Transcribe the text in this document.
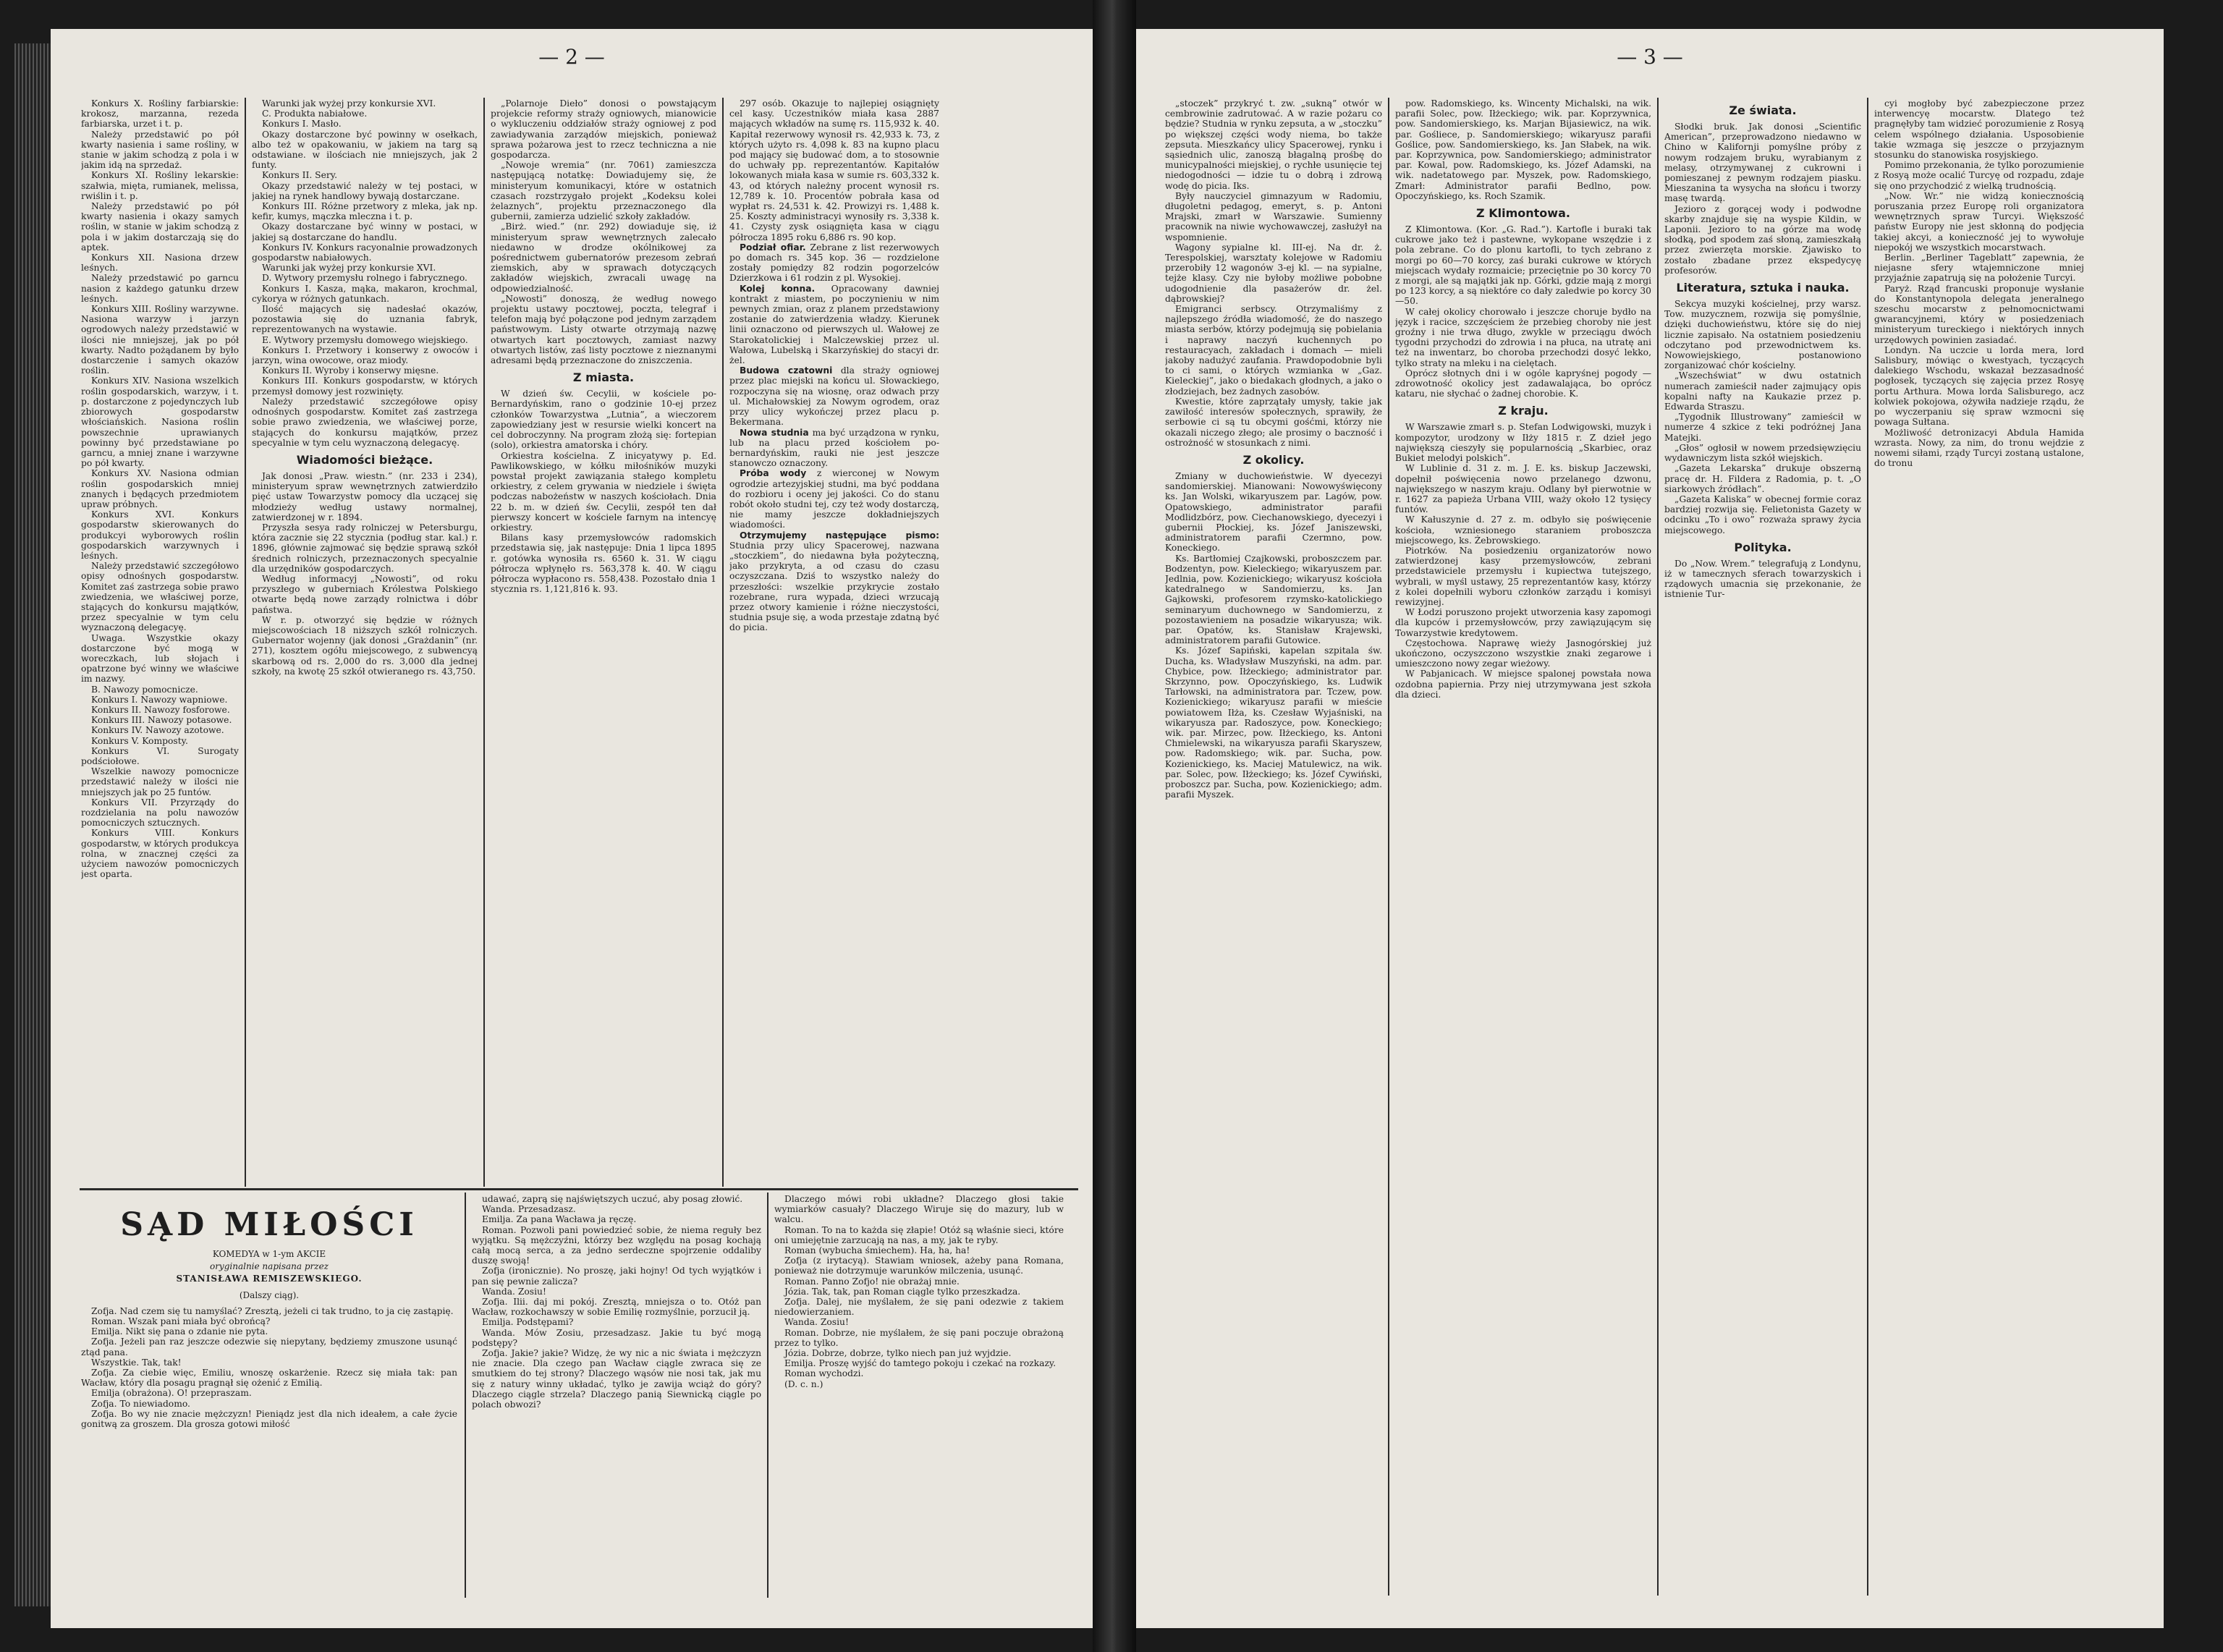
— 2 —

Konkurs X. Rośliny farbiarskie: krokosz, marzanna, rezeda farbiarska, urzet i t. p.

Należy przedstawić po pół kwarty nasienia i same rośliny, w stanie w jakim schodzą z pola i w jakim idą na sprzedaż.

Konkurs XI. Rośliny lekarskie: szałwia, mięta, rumianek, melissa, rwiślin i t. p.

Należy przedstawić po pół kwarty nasienia i okazy samych roślin, w stanie w jakim schodzą z pola i w jakim dostarczają się do aptek.

Konkurs XII. Nasiona drzew leśnych.

Należy przedstawić po garncu nasion z każdego gatunku drzew leśnych.

Konkurs XIII. Rośliny warzywne. Nasiona warzyw i jarzyn ogrodowych należy przedstawić w ilości nie mniejszej, jak po pół kwarty. Nadto pożądanem by było dostarczenie i samych okazów roślin.

Konkurs XIV. Nasiona wszelkich roślin gospodarskich, warzyw, i t. p. dostarczone z pojedynczych lub zbiorowych gospodarstw włościańskich. Nasiona roślin powszechnie uprawianych powinny być przedstawiane po garncu, a mniej znane i warzywne po pół kwarty.

Konkurs XV. Nasiona odmian roślin gospodarskich mniej znanych i będących przedmiotem upraw próbnych.

Konkurs XVI. Konkurs gospodarstw skierowanych do produkcyi wyborowych roślin gospodarskich warzywnych i leśnych.

Należy przedstawić szczegółowo opisy odnośnych gospodarstw. Komitet zaś zastrzega sobie prawo zwiedzenia, we właściwej porze, stających do konkursu majątków, przez specyalnie w tym celu wyznaczoną delegacyę.

Uwaga. Wszystkie okazy dostarczone być mogą w woreczkach, lub słojach i opatrzone być winny we właściwe im nazwy.

B. Nawozy pomocnicze.

Konkurs I. Nawozy wapniowe.

Konkurs II. Nawozy fosforowe.

Konkurs III. Nawozy potasowe.

Konkurs IV. Nawozy azotowe.

Konkurs V. Komposty.

Konkurs VI. Surogaty podściołowe.

Wszelkie nawozy pomocnicze przedstawić należy w ilości nie mniejszych jak po 25 funtów.

Konkurs VII. Przyrządy do rozdzielania na polu nawozów pomocniczych sztucznych.

Konkurs VIII. Konkurs gospodarstw, w których produkcya rolna, w znacznej części za użyciem nawozów pomocniczych jest oparta.

Warunki jak wyżej przy konkursie XVI.

C. Produkta nabiałowe.

Konkurs I. Masło.

Okazy dostarczone być powinny w osełkach, albo też w opakowaniu, w jakiem na targ są odstawiane. w ilościach nie mniejszych, jak 2 funty.

Konkurs II. Sery.

Okazy przedstawić należy w tej postaci, w jakiej na rynek handlowy bywają dostarczane.

Konkurs III. Różne przetwory z mleka, jak np. kefir, kumys, mączka mleczna i t. p.

Okazy dostarczane być winny w postaci, w jakiej są dostarczane do handlu.

Konkurs IV. Konkurs racyonalnie prowadzonych gospodarstw nabiałowych.

Warunki jak wyżej przy konkursie XVI.

D. Wytwory przemysłu rolnego i fabrycznego.

Konkurs I. Kasza, mąka, makaron, krochmal, cykorya w różnych gatunkach.

Ilość mających się nadesłać okazów, pozostawia się do uznania fabryk, reprezentowanych na wystawie.

E. Wytwory przemysłu domowego wiejskiego.

Konkurs I. Przetwory i konserwy z owoców i jarzyn, wina owocowe, oraz miody.

Konkurs II. Wyroby i konserwy mięsne.

Konkurs III. Konkurs gospodarstw, w których przemysł domowy jest rozwinięty.

Należy przedstawić szczegółowe opisy odnośnych gospodarstw. Komitet zaś zastrzega sobie prawo zwiedzenia, we właściwej porze, stających do konkursu majątków, przez specyalnie w tym celu wyznaczoną delegacyę.

Wiadomości bieżące.

Jak donosi „Praw. wiestn.” (nr. 233 i 234), ministeryum spraw wewnętrznych zatwierdziło pięć ustaw Towarzystw pomocy dla uczącej się młodzieży według ustawy normalnej, zatwierdzonej w r. 1894.

Przyszła sesya rady rolniczej w Petersburgu, która zacznie się 22 stycznia (podług star. kal.) r. 1896, głównie zajmować się będzie sprawą szkół średnich rolniczych, przeznaczonych specyalnie dla urzędników gospodarczych.

Według informacyj „Nowosti”, od roku przyszłego w guberniach Królestwa Polskiego otwarte będą nowe zarządy rolnictwa i dóbr państwa.

W r. p. otworzyć się będzie w różnych miejscowościach 18 niższych szkół rolniczych. Gubernator wojenny (jak donosi „Grażdanin” (nr. 271), kosztem ogółu miejscowego, z subwencyą skarbową od rs. 2,000 do rs. 3,000 dla jednej szkoły, na kwotę 25 szkół otwieranego rs. 43,750.

„Polarnoje Dieło” donosi o powstającym projekcie reformy straży ogniowych, mianowicie o wykluczeniu oddziałów straży ogniowej z pod zawiadywania zarządów miejskich, ponieważ sprawa pożarowa jest to rzecz techniczna a nie gospodarcza.

„Nowoje wremia” (nr. 7061) zamieszcza następującą notatkę: Dowiadujemy się, że ministeryum komunikacyi, które w ostatnich czasach rozstrzygało projekt „Kodeksu kolei żelaznych”, projektu przeznaczonego dla gubernii, zamierza udzielić szkoły zakładów.

„Birż. wied.” (nr. 292) dowiaduje się, iż ministeryum spraw wewnętrznych zalecało niedawno w drodze okólnikowej za pośrednictwem gubernatorów prezesom zebrań ziemskich, aby w sprawach dotyczących zakładów wiejskich, zwracali uwagę na odpowiedzialność.

„Nowosti” donoszą, że według nowego projektu ustawy pocztowej, poczta, telegraf i telefon mają być połączone pod jednym zarządem państwowym. Listy otwarte otrzymają nazwę otwartych kart pocztowych, zamiast nazwy otwartych listów, zaś listy pocztowe z nieznanymi adresami będą przeznaczone do zniszczenia.

Z miasta.

W dzień św. Cecylii, w kościele po-Bernardyńskim, rano o godzinie 10-ej przez członków Towarzystwa „Lutnia”, a wieczorem zapowiedziany jest w resursie wielki koncert na cel dobroczynny. Na program złożą się: fortepian (solo), orkiestra amatorska i chóry.

Orkiestra kościelna. Z inicyatywy p. Ed. Pawlikowskiego, w kółku miłośników muzyki powstał projekt zawiązania stałego kompletu orkiestry, z celem grywania w niedziele i święta podczas nabożeństw w naszych kościołach. Dnia 22 b. m. w dzień św. Cecylii, zespół ten dał pierwszy koncert w kościele farnym na intencyę orkiestry.

Bilans kasy przemysłowców radomskich przedstawia się, jak następuje: Dnia 1 lipca 1895 r. gotówka wynosiła rs. 6560 k. 31. W ciągu półrocza wpłynęło rs. 563,378 k. 40. W ciągu półrocza wypłacono rs. 558,438. Pozostało dnia 1 stycznia rs. 1,121,816 k. 93.

297 osób. Okazuje to najlepiej osiągnięty cel kasy. Uczestników miała kasa 2887 mających wkładów na sumę rs. 115,932 k. 40. Kapitał rezerwowy wynosił rs. 42,933 k. 73, z których użyto rs. 4,098 k. 83 na kupno placu pod mający się budować dom, a to stosownie do uchwały pp. reprezentantów. Kapitałów lokowanych miała kasa w sumie rs. 603,332 k. 43, od których należny procent wynosił rs. 12,789 k. 10. Procentów pobrała kasa od wypłat rs. 24,531 k. 42. Prowizyi rs. 1,488 k. 25. Koszty administracyi wynosiły rs. 3,338 k. 41. Czysty zysk osiągnięta kasa w ciągu półrocza 1895 roku 6,886 rs. 90 kop.

Podział ofiar. Zebrane z list rezerwowych po domach rs. 345 kop. 36 — rozdzielone zostały pomiędzy 82 rodzin pogorzelców Dzierzkowa i 61 rodzin z pl. Wysokiej.

Kolej konna. Opracowany dawniej kontrakt z miastem, po poczynieniu w nim pewnych zmian, oraz z planem przedstawiony zostanie do zatwierdzenia władzy. Kierunek linii oznaczono od pierwszych ul. Wałowej ze Starokatolickiej i Malczewskiej przez ul. Wałowa, Lubelską i Skarzyńskiej do stacyi dr. żel.

Budowa czatowni dla straży ogniowej przez plac miejski na końcu ul. Słowackiego, rozpoczyna się na wiosnę, oraz odwach przy ul. Michałowskiej za Nowym ogrodem, oraz przy ulicy wykończej przez placu p. Bekermana.

Nowa studnia ma być urządzona w rynku, lub na placu przed kościołem po-bernardyńskim, rauki nie jest jeszcze stanowczo oznaczony.

Próba wody z wierconej w Nowym ogrodzie artezyjskiej studni, ma być poddana do rozbioru i oceny jej jakości. Co do stanu robót około studni tej, czy też wody dostarczą, nie mamy jeszcze dokładniejszych wiadomości.

Otrzymujemy następujące pismo: Studnia przy ulicy Spacerowej, nazwana „stoczkiem”, do niedawna była pożyteczną, jako przykryta, a od czasu do czasu oczyszczana. Dziś to wszystko należy do przeszłości: wszelkie przykrycie zostało rozebrane, rura wypada, dzieci wrzucają przez otwory kamienie i różne nieczystości, studnia psuje się, a woda przestaje zdatną być do picia.

SĄD MIŁOŚCI
KOMEDYA w 1-ym AKCIE
oryginalnie napisana przez
STANISŁAWA REMISZEWSKIEGO.
(Dalszy ciąg).

Zofja. Nad czem się tu namyślać? Zresztą, jeżeli ci tak trudno, to ja cię zastąpię.

Roman. Wszak pani miała być obrońcą?

Emilja. Nikt się pana o zdanie nie pyta.

Zofja. Jeżeli pan raz jeszcze odezwie się niepytany, będziemy zmuszone usunąć ztąd pana.

Wszystkie. Tak, tak!

Zofja. Za ciebie więc, Emiliu, wnoszę oskarżenie. Rzecz się miała tak: pan Wacław, który dla posagu pragnął się ożenić z Emilią.

Emilja (obrażona). O! przepraszam.

Zofja. To niewiadomo.

Zofja. Bo wy nie znacie mężczyzn! Pieniądz jest dla nich ideałem, a całe życie gonitwą za groszem. Dla grosza gotowi miłość

udawać, zaprą się najświętszych uczuć, aby posag złowić.

Wanda. Przesadzasz.

Emilja. Za pana Wacława ja ręczę.

Roman. Pozwoli pani powiedzieć sobie, że niema reguły bez wyjątku. Są mężczyźni, którzy bez względu na posag kochają całą mocą serca, a za jedno serdeczne spojrzenie oddaliby duszę swoją!

Zofja (ironicznie). No proszę, jaki hojny! Od tych wyjątków i pan się pewnie zalicza?

Wanda. Zosiu!

Zofja. Ilii. daj mi pokój. Zresztą, mniejsza o to. Otóż pan Wacław, rozkochawszy w sobie Emilię rozmyślnie, porzucił ją.

Emilja. Podstępami?

Wanda. Mów Zosiu, przesadzasz. Jakie tu być mogą podstępy?

Zofja. Jakie? jakie? Widzę, że wy nic a nic świata i mężczyzn nie znacie. Dla czego pan Wacław ciągle zwraca się ze smutkiem do tej strony? Dlaczego wąsów nie nosi tak, jak mu się z natury winny układać, tylko je zawija wciąż do góry? Dlaczego ciągle strzela? Dlaczego panią Siewnicką ciągle po polach obwozi?

Dlaczego mówi robi układne? Dlaczego głosi takie wymiarków casuały? Dlaczego Wiruje się do mazury, lub w walcu.

Roman. To na to każda się złapie! Otóż są właśnie sieci, które oni umiejętnie zarzucają na nas, a my, jak te ryby.

Roman (wybucha śmiechem). Ha, ha, ha!

Zofja (z irytacyą). Stawiam wniosek, ażeby pana Romana, ponieważ nie dotrzymuje warunków milczenia, usunąć.

Roman. Panno Zofjo! nie obrażaj mnie.

Józia. Tak, tak, pan Roman ciągle tylko przeszkadza.

Zofja. Dalej, nie myślałem, że się pani odezwie z takiem niedowierzaniem.

Wanda. Zosiu!

Roman. Dobrze, nie myślałem, że się pani poczuje obrażoną przez to tylko.

Józia. Dobrze, dobrze, tylko niech pan już wyjdzie.

Emilja. Proszę wyjść do tamtego pokoju i czekać na rozkazy.

Roman wychodzi.

(D. c. n.)

— 3 —

„stoczek” przykryć t. zw. „sukną” otwór w cembrowinie zadrutować. A w razie pożaru co będzie? Studnia w rynku zepsuta, a w „stoczku” po większej części wody niema, bo także zepsuta. Mieszkańcy ulicy Spacerowej, rynku i sąsiednich ulic, zanoszą błagalną prośbę do municypalności miejskiej, o rychłe usunięcie tej niedogodności — idzie tu o dobrą i zdrową wodę do picia. Iks.

Były nauczyciel gimnazyum w Radomiu, długoletni pedagog, emeryt, s. p. Antoni Mrajski, zmarł w Warszawie. Sumienny pracownik na niwie wychowawczej, zasłużył na wspomnienie.

Wagony sypialne kl. III-ej. Na dr. ż. Terespolskiej, warsztaty kolejowe w Radomiu przerobiły 12 wagonów 3-ej kl. — na sypialne, tejże klasy. Czy nie byłoby możliwe pobobne udogodnienie dla pasażerów dr. żel. dąbrowskiej?

Emigranci serbscy. Otrzymaliśmy z najlepszego źródła wiadomość, że do naszego miasta serbów, którzy podejmują się pobielania i naprawy naczyń kuchennych po restauracyach, zakładach i domach — mieli jakoby nadużyć zaufania. Prawdopodobnie byli to ci sami, o których wzmianka w „Gaz. Kieleckiej”, jako o biedakach głodnych, a jako o złodziejach, bez żadnych zasobów.

Kwestie, które zaprzątały umysły, takie jak zawiłość interesów społecznych, sprawiły, że serbowie ci są tu obcymi gośćmi, którzy nie okazali niczego złego; ale prosimy o baczność i ostrożność w stosunkach z nimi.

Z okolicy.

Zmiany w duchowieństwie. W dyecezyi sandomierskiej. Mianowani: Nowowyświęcony ks. Jan Wolski, wikaryuszem par. Lagów, pow. Opatowskiego, administrator parafii Modlidzbórz, pow. Ciechanowskiego, dyecezyi i gubernii Płockiej, ks. Józef Janiszewski, administratorem parafii Czermno, pow. Koneckiego.

Ks. Bartłomiej Czajkowski, proboszczem par. Bodzentyn, pow. Kieleckiego; wikaryuszem par. Jedlnia, pow. Kozienickiego; wikaryusz kościoła katedralnego w Sandomierzu, ks. Jan Gajkowski, profesorem rzymsko-katolickiego seminaryum duchownego w Sandomierzu, z pozostawieniem na posadzie wikaryusza; wik. par. Opatów, ks. Stanisław Krajewski, administratorem parafii Gutowice.

Ks. Józef Sapiński, kapelan szpitala św. Ducha, ks. Władysław Muszyński, na adm. par. Chybice, pow. Iłżeckiego; administrator par. Skrzynno, pow. Opoczyńskiego, ks. Ludwik Tarłowski, na administratora par. Tczew, pow. Kozienickiego; wikaryusz parafii w mieście powiatowem Iłża, ks. Czesław Wyjaśniski, na wikaryusza par. Radoszyce, pow. Koneckiego; wik. par. Mirzec, pow. Iłżeckiego, ks. Antoni Chmielewski, na wikaryusza parafii Skaryszew, pow. Radomskiego; wik. par. Sucha, pow. Kozienickiego, ks. Maciej Matulewicz, na wik. par. Solec, pow. Iłżeckiego; ks. Józef Cywiński, proboszcz par. Sucha, pow. Kozienickiego; adm. parafii Myszek.

pow. Radomskiego, ks. Wincenty Michalski, na wik. parafii Solec, pow. Iłżeckiego; wik. par. Koprzywnica, pow. Sandomierskiego, ks. Marjan Bijasiewicz, na wik. par. Gośliece, p. Sandomierskiego; wikaryusz parafii Goślice, pow. Sandomierskiego, ks. Jan Słabek, na wik. par. Koprzywnica, pow. Sandomierskiego; administrator par. Kowal, pow. Radomskiego, ks. Józef Adamski, na wik. nadetatowego par. Myszek, pow. Radomskiego, Zmarł: Administrator parafii Bedlno, pow. Opoczyńskiego, ks. Roch Szamik.

Z Klimontowa.

Z Klimontowa. (Kor. „G. Rad.”). Kartofle i buraki tak cukrowe jako też i pastewne, wykopane wszędzie i z pola zebrane. Co do plonu kartofli, to tych zebrano z morgi po 60—70 korcy, zaś buraki cukrowe w których miejscach wydały rozmaicie; przeciętnie po 30 korcy 70 z morgi, ale są majątki jak np. Górki, gdzie mają z morgi po 123 korcy, a są niektóre co dały zaledwie po korcy 30—50.

W całej okolicy chorowało i jeszcze choruje bydło na język i racice, szczęściem że przebieg choroby nie jest groźny i nie trwa długo, zwykle w przeciągu dwóch tygodni przychodzi do zdrowia i na płuca, na utratę ani też na inwentarz, bo choroba przechodzi dosyć lekko, tylko straty na mleku i na cielętach.

Oprócz słotnych dni i w ogóle kapryśnej pogody — zdrowotność okolicy jest zadawalająca, bo oprócz kataru, nie słychać o żadnej chorobie. K.

Z kraju.

W Warszawie zmarł s. p. Stefan Lodwigowski, muzyk i kompozytor, urodzony w Iłży 1815 r. Z dzieł jego największą cieszyły się popularnością „Skarbiec, oraz Bukiet melodyi polskich”.

W Lublinie d. 31 z. m. J. E. ks. biskup Jaczewski, dopełnił poświęcenia nowo przelanego dzwonu, największego w naszym kraju. Odlany był pierwotnie w r. 1627 za papieża Urbana VIII, waży około 12 tysięcy funtów.

W Kałuszynie d. 27 z. m. odbyło się poświęcenie kościoła, wzniesionego staraniem proboszcza miejscowego, ks. Żebrowskiego.

Piotrków. Na posiedzeniu organizatorów nowo zatwierdzonej kasy przemysłowców, zebrani przedstawiciele przemysłu i kupiectwa tutejszego, wybrali, w myśl ustawy, 25 reprezentantów kasy, którzy z kolei dopełnili wyboru członków zarządu i komisyi rewizyjnej.

W Łodzi poruszono projekt utworzenia kasy zapomogi dla kupców i przemysłowców, przy zawiązującym się Towarzystwie kredytowem.

Częstochowa. Naprawę wieży Jasnogórskiej już ukończono, oczyszczono wszystkie znaki zegarowe i umieszczono nowy zegar wieżowy.

W Pabjanicach. W miejsce spalonej powstała nowa ozdobna papiernia. Przy niej utrzymywana jest szkoła dla dzieci.

Ze świata.

Słodki bruk. Jak donosi „Scientific American”, przeprowadzono niedawno w Chino w Kalifornji pomyślne próby z nowym rodzajem bruku, wyrabianym z melasy, otrzymywanej z cukrowni i pomieszanej z pewnym rodzajem piasku. Mieszanina ta wysycha na słońcu i tworzy masę twardą.

Jezioro z gorącej wody i podwodne skarby znajduje się na wyspie Kildin, w Laponii. Jezioro to na górze ma wodę słodką, pod spodem zaś słoną, zamieszkałą przez zwierzęta morskie. Zjawisko to zostało zbadane przez ekspedycyę profesorów.

Literatura, sztuka i nauka.

Sekcya muzyki kościelnej, przy warsz. Tow. muzycznem, rozwija się pomyślnie, dzięki duchowieństwu, które się do niej licznie zapisało. Na ostatniem posiedzeniu odczytano pod przewodnictwem ks. Nowowiejskiego, postanowiono zorganizować chór kościelny.

„Wszechświat” w dwu ostatnich numerach zamieścił nader zajmujący opis kopalni nafty na Kaukazie przez p. Edwarda Straszu.

„Tygodnik Illustrowany” zamieścił w numerze 4 szkice z teki podróżnej Jana Matejki.

„Głos” ogłosił w nowem przedsięwzięciu wydawniczym lista szkół wiejskich.

„Gazeta Lekarska” drukuje obszerną pracę dr. H. Fildera z Radomia, p. t. „O siarkowych źródłach”.

„Gazeta Kaliska” w obecnej formie coraz bardziej rozwija się. Felietonista Gazety w odcinku „To i owo” rozważa sprawy życia miejscowego.

Polityka.

Do „Now. Wrem.” telegrafują z Londynu, iż w tamecznych sferach towarzyskich i rządowych umacnia się przekonanie, że istnienie Tur-

cyi mogłoby być zabezpieczone przez interwencyę mocarstw. Dlatego też pragnęłyby tam widzieć porozumienie z Rosyą celem wspólnego działania. Usposobienie takie wzmaga się jeszcze o przyjaznym stosunku do stanowiska rosyjskiego.

Pomimo przekonania, że tylko porozumienie z Rosyą może ocalić Turcyę od rozpadu, zdaje się ono przychodzić z wielką trudnością.

„Now. Wr.” nie widzą koniecznością poruszania przez Europę roli organizatora wewnętrznych spraw Turcyi. Większość państw Europy nie jest skłonną do podjęcia takiej akcyi, a konieczność jej to wywołuje niepokój we wszystkich mocarstwach.

Berlin. „Berliner Tageblatt” zapewnia, że niejasne sfery wtajemniczone mniej przyjaźnie zapatrują się na położenie Turcyi.

Paryż. Rząd francuski proponuje wysłanie do Konstantynopola delegata jeneralnego szeschu mocarstw z pełnomocnictwami gwarancyjnemi, który w posiedzeniach ministeryum tureckiego i niektórych innych urzędowych powinien zasiadać.

Londyn. Na uczcie u lorda mera, lord Salisbury, mówiąc o kwestyach, tyczących dalekiego Wschodu, wskazał bezzasadność pogłosek, tyczących się zajęcia przez Rosyę portu Arthura. Mowa lorda Salisburego, acz kolwiek pokojowa, ożywiła nadzieje rządu, że po wyczerpaniu się spraw wzmocni się powaga Sułtana.

Możliwość detronizacyi Abdula Hamida wzrasta. Nowy, za nim, do tronu wejdzie z nowemi siłami, rządy Turcyi zostaną ustalone, do tronu
